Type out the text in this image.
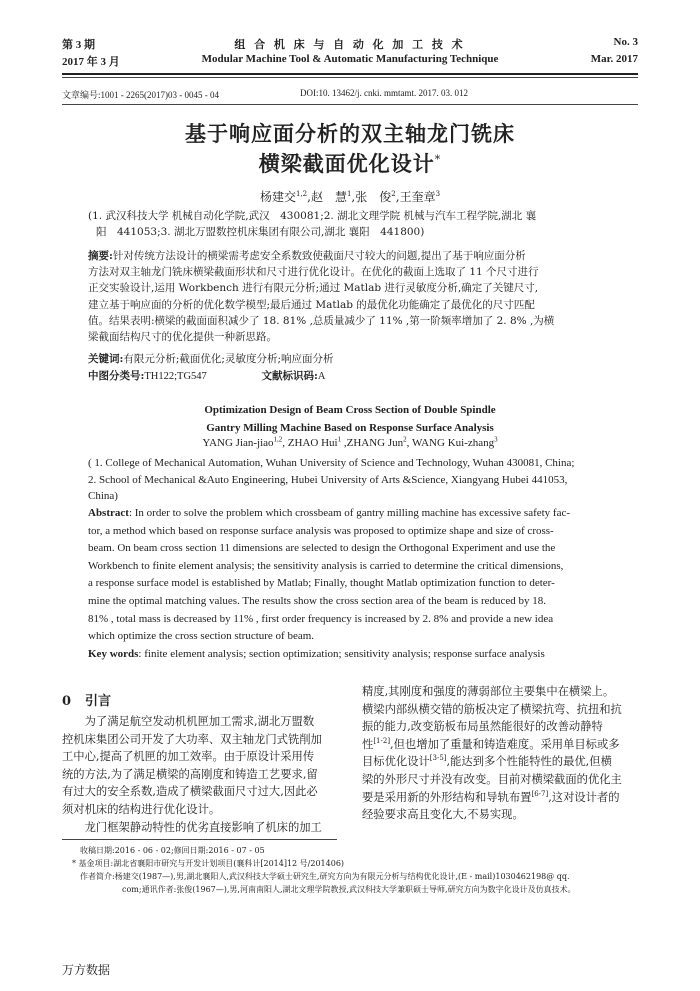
第 3 期
2017 年 3 月
组 合 机 床 与 自 动 化 加 工 技 术
Modular Machine Tool & Automatic Manufacturing Technique
No. 3
Mar. 2017
文章编号:1001 - 2265(2017)03 - 0045 - 04	DOI:10. 13462/j. cnki. mmtamt. 2017. 03. 012
基于响应面分析的双主轴龙门铣床
横梁截面优化设计*
杨建交$^{1,2}$,赵　慧$^1$,张　俊$^2$,王奎章$^3$
(1. 武汉科技大学 机械自动化学院,武汉　430081;2. 湖北文理学院 机械与汽车工程学院,湖北 襄
阳　441053;3. 湖北万盟数控机床集团有限公司,湖北 襄阳　441800)
摘要:针对传统方法设计的横梁需考虑安全系数致使截面尺寸较大的问题,提出了基于响应面分析
方法对双主轴龙门铣床横梁截面形状和尺寸进行优化设计。在优化的截面上选取了 11 个尺寸进行
正交实验设计,运用 Workbench 进行有限元分析;通过 Matlab 进行灵敏度分析,确定了关键尺寸,
建立基于响应面的分析的优化数学模型;最后通过 Matlab 的最优化功能确定了最优化的尺寸匹配
值。结果表明:横梁的截面面积减少了 18. 81% ,总质量减少了 11% ,第一阶频率增加了 2. 8% ,为横
梁截面结构尺寸的优化提供一种新思路。
关键词:有限元分析;截面优化;灵敏度分析;响应面分析
中图分类号:TH122;TG547	文献标识码:A
Optimization Design of Beam Cross Section of Double Spindle
Gantry Milling Machine Based on Response Surface Analysis
YANG Jian-jiao$^{1,2}$, ZHAO Hui$^1$ ,ZHANG Jun$^2$, WANG Kui-zhang$^3$
( 1. College of Mechanical Automation, Wuhan University of Science and Technology, Wuhan 430081, China;
2. School of Mechanical &Auto Engineering, Hubei University of Arts &Science, Xiangyang Hubei 441053,
China)
Abstract: In order to solve the problem which crossbeam of gantry milling machine has excessive safety fac-
tor, a method which based on response surface analysis was proposed to optimize shape and size of cross-
beam. On beam cross section 11 dimensions are selected to design the Orthogonal Experiment and use the
Workbench to finite element analysis; the sensitivity analysis is carried to determine the critical dimensions,
a response surface model is established by Matlab; Finally, thought Matlab optimization function to deter-
mine the optimal matching values. The results show the cross section area of the beam is reduced by 18.
81% , total mass is decreased by 11% , first order frequency is increased by 2. 8% and provide a new idea
which optimize the cross section structure of beam.
Key words: finite element analysis; section optimization; sensitivity analysis; response surface analysis
0 引言
　　为了满足航空发动机机匣加工需求,湖北万盟数
控机床集团公司开发了大功率、双主轴龙门式铣削加
工中心,提高了机匣的加工效率。由于原设计采用传
统的方法,为了满足横梁的高刚度和铸造工艺要求,留
有过大的安全系数,造成了横梁截面尺寸过大,因此必
须对机床的结构进行优化设计。
　　龙门框架静动特性的优劣直接影响了机床的加工
精度,其刚度和强度的薄弱部位主要集中在横梁上。
横梁内部纵横交错的筋板决定了横梁抗弯、抗扭和抗
振的能力,改变筋板布局虽然能很好的改善动静特
性[1-2],但也增加了重量和铸造难度。采用单目标或多
目标优化设计[3-5],能达到多个性能特性的最优,但横
梁的外形尺寸并没有改变。目前对横梁截面的优化主
要是采用新的外形结构和导轨布置[6-7],这对设计者的
经验要求高且变化大,不易实现。
收稿日期:2016 - 06 - 02;修回日期:2016 - 07 - 05
* 基金项目:湖北省襄阳市研究与开发计划项目(襄科计[2014]12 号/201406)
作者简介:杨建交(1987—),男,湖北襄阳人,武汉科技大学硕士研究生,研究方向为有限元分析与结构优化设计,(E - mail)1030462198@ qq.
com;通讯作者:张俊(1967—),男,河南南阳人,湖北文理学院教授,武汉科技大学兼职硕士导师,研究方向为数字化设计及仿真技术。
万方数据
